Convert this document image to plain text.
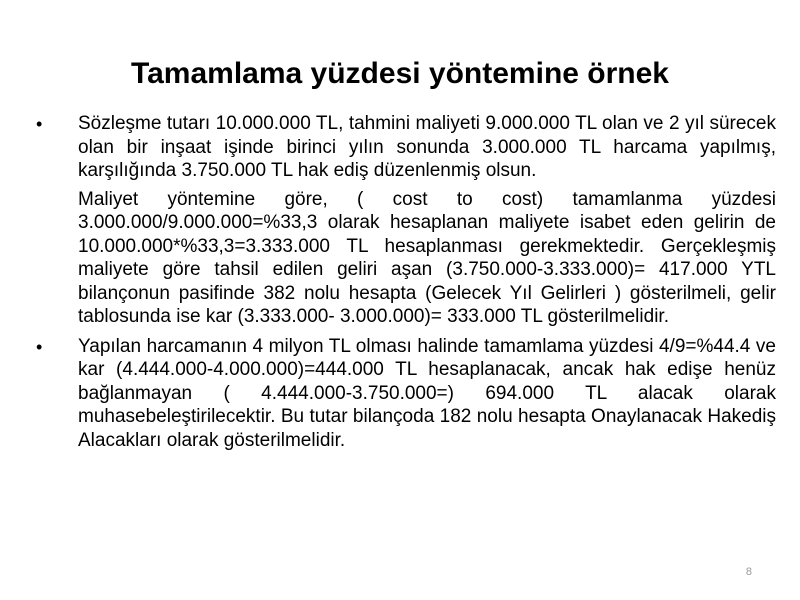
Tamamlama yüzdesi yöntemine örnek
• Sözleşme tutarı 10.000.000 TL, tahmini maliyeti 9.000.000 TL olan ve 2 yıl sürecek olan bir inşaat işinde birinci yılın sonunda 3.000.000 TL harcama yapılmış, karşılığında 3.750.000 TL hak ediş düzenlenmiş olsun.

Maliyet yöntemine göre, ( cost to cost) tamamlanma yüzdesi 3.000.000/9.000.000=%33,3 olarak hesaplanan maliyete isabet eden gelirin de 10.000.000*%33,3=3.333.000 TL hesaplanması gerekmektedir. Gerçekleşmiş maliyete göre tahsil edilen geliri aşan (3.750.000-3.333.000)= 417.000 YTL bilançonun pasifinde 382 nolu hesapta (Gelecek Yıl Gelirleri ) gösterilmeli, gelir tablosunda ise kar (3.333.000- 3.000.000)= 333.000 TL gösterilmelidir.

• Yapılan harcamanın 4 milyon TL olması halinde tamamlama yüzdesi 4/9=%44.4 ve kar (4.444.000-4.000.000)=444.000 TL hesaplanacak, ancak hak edişe henüz bağlanmayan ( 4.444.000-3.750.000=) 694.000 TL alacak olarak muhasebeleştirilecektir. Bu tutar bilançoda 182 nolu hesapta Onaylanacak Hakediş Alacakları olarak gösterilmelidir.

8
